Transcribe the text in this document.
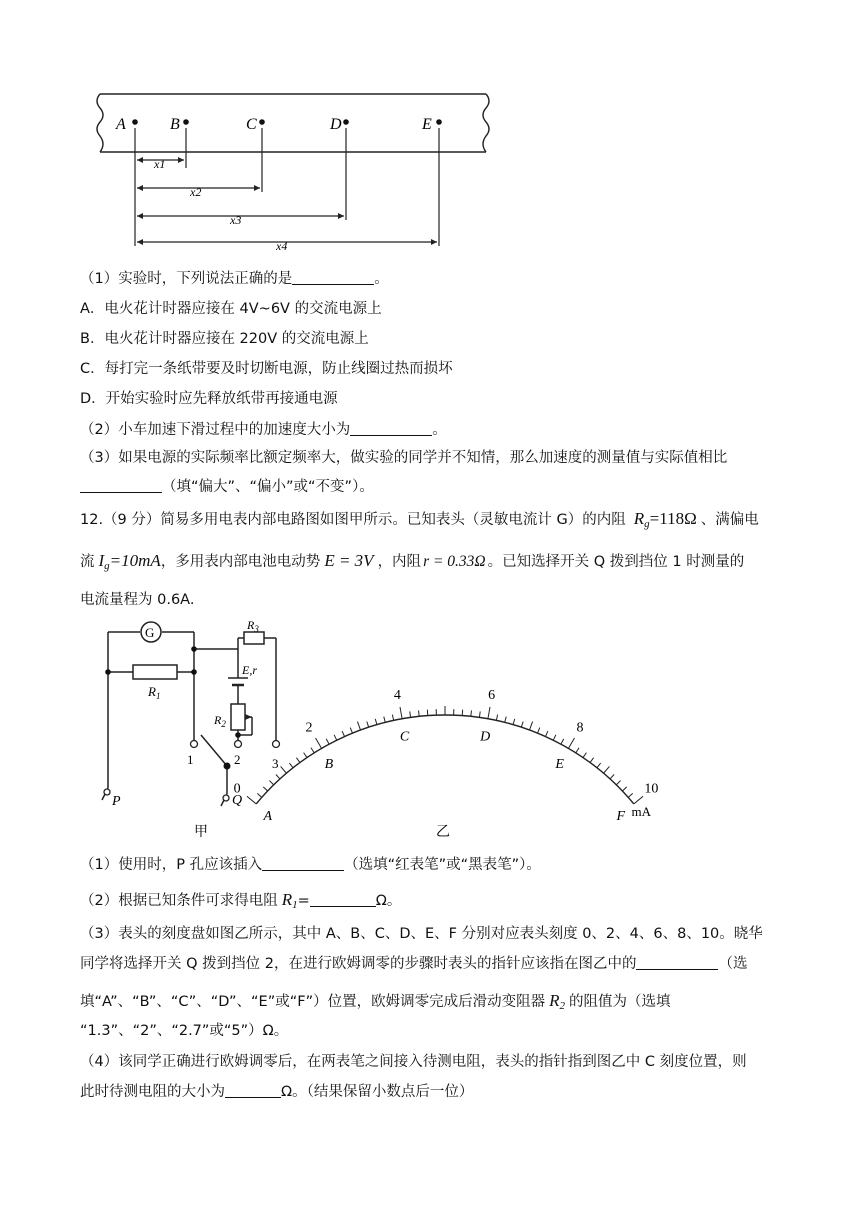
A	B	C	D	E
x1
x2
x3
x4
（1）实验时，下列说法正确的是	。
A．电火花计时器应接在 4V~6V 的交流电源上
B．电火花计时器应接在 220V 的交流电源上
C．每打完一条纸带要及时切断电源，防止线圈过热而损坏
D．开始实验时应先释放纸带再接通电源
（2）小车加速下滑过程中的加速度大小为	。
（3）如果电源的实际频率比额定频率大，做实验的同学并不知情，那么加速度的测量值与实际值相比
（填“偏大”、“偏小”或“不变”）。
12.（9 分）简易多用电表内部电路图如图甲所示。已知表头（灵敏电流计 G）的内阻 $R_g=118\Omega$ 、满偏电
流 $I_g=10mA$，多用表内部电池电动势 E = 3V ，内阻 r = 0.33Ω 。已知选择开关 Q 拨到挡位 1 时测量的
电流量程为 0.6A.
G
$R_1$
$R_3$
E,r
$R_2$
1	2 3
P	Q
甲
0
A
2
B
4
C
6
D
8
E
10
F mA
乙
（1）使用时，P 孔应该插入	（选填“红表笔”或“黑表笔”）。
（2）根据已知条件可求得电阻 $R_1=$	Ω。
（3）表头的刻度盘如图乙所示，其中 A、B、C、D、E、F 分别对应表头刻度 0、2、4、6、8、10。晓华
同学将选择开关 Q 拨到挡位 2，在进行欧姆调零的步骤时表头的指针应该指在图乙中的	（选
填“A”、“B”、“C”、“D”、“E”或“F”）位置，欧姆调零完成后滑动变阻器 $R_2$ 的阻值为（选填
“1.3”、“2”、“2.7”或“5”）Ω。
（4）该同学正确进行欧姆调零后，在两表笔之间接入待测电阻，表头的指针指到图乙中 C 刻度位置，则
此时待测电阻的大小为	Ω。（结果保留小数点后一位）
